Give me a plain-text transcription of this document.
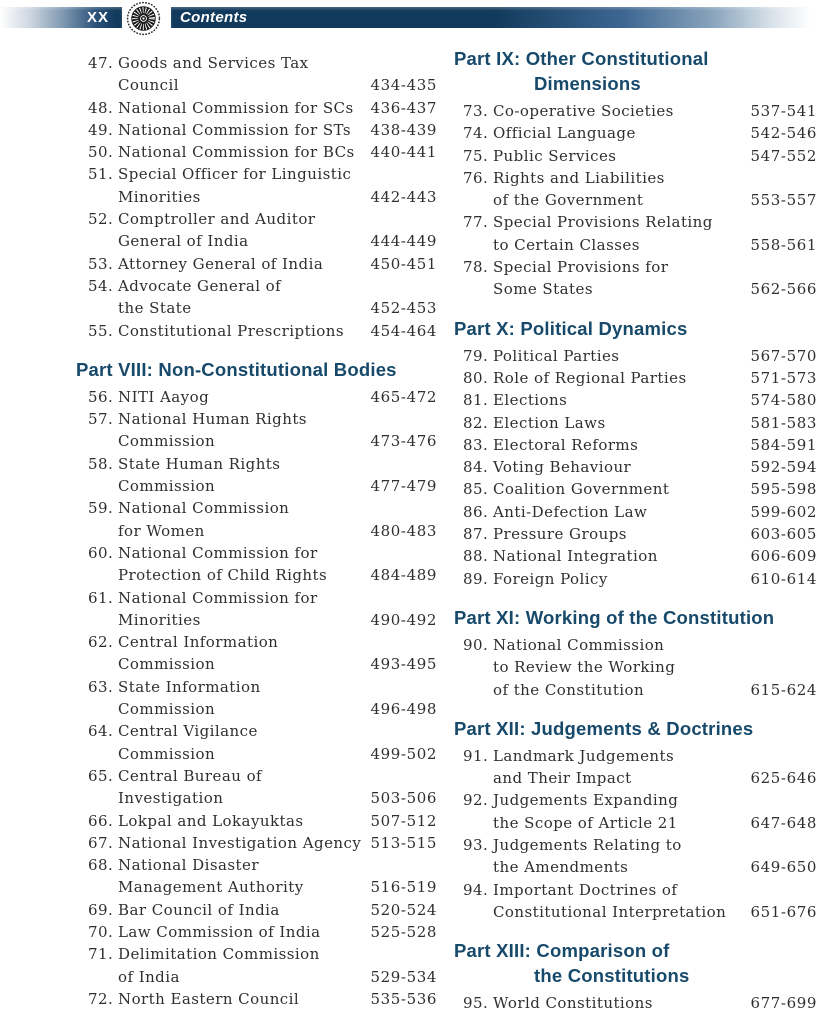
XX	Contents
47. Goods and Services Tax
Council	434-435
48. National Commission for SCs	436-437
49. National Commission for STs	438-439
50. National Commission for BCs	440-441
51. Special Officer for Linguistic
Minorities	442-443
52. Comptroller and Auditor
General of India	444-449
53. Attorney General of India	450-451
54. Advocate General of
the State	452-453
55. Constitutional Prescriptions	454-464
Part VIII: Non-Constitutional Bodies
56. NITI Aayog	465-472
57. National Human Rights
Commission	473-476
58. State Human Rights
Commission	477-479
59. National Commission
for Women	480-483
60. National Commission for
Protection of Child Rights	484-489
61. National Commission for
Minorities	490-492
62. Central Information
Commission	493-495
63. State Information
Commission	496-498
64. Central Vigilance
Commission	499-502
65. Central Bureau of
Investigation	503-506
66. Lokpal and Lokayuktas	507-512
67. National Investigation Agency 513-515
68. National Disaster
Management Authority	516-519
69. Bar Council of India	520-524
70. Law Commission of India	525-528
71. Delimitation Commission
of India	529-534
72. North Eastern Council	535-536
Part IX: Other Constitutional
Dimensions
73. Co-operative Societies	537-541
74. Official Language	542-546
75. Public Services	547-552
76. Rights and Liabilities
of the Government	553-557
77. Special Provisions Relating
to Certain Classes	558-561
78. Special Provisions for
Some States	562-566
Part X: Political Dynamics
79. Political Parties	567-570
80. Role of Regional Parties	571-573
81. Elections	574-580
82. Election Laws	581-583
83. Electoral Reforms	584-591
84. Voting Behaviour	592-594
85. Coalition Government	595-598
86. Anti-Defection Law	599-602
87. Pressure Groups	603-605
88. National Integration	606-609
89. Foreign Policy	610-614
Part XI: Working of the Constitution
90. National Commission
to Review the Working
of the Constitution	615-624
Part XII: Judgements & Doctrines
91. Landmark Judgements
and Their Impact	625-646
92. Judgements Expanding
the Scope of Article 21	647-648
93. Judgements Relating to
the Amendments	649-650
94. Important Doctrines of
Constitutional Interpretation	651-676
Part XIII: Comparison of
the Constitutions
95. World Constitutions	677-699
